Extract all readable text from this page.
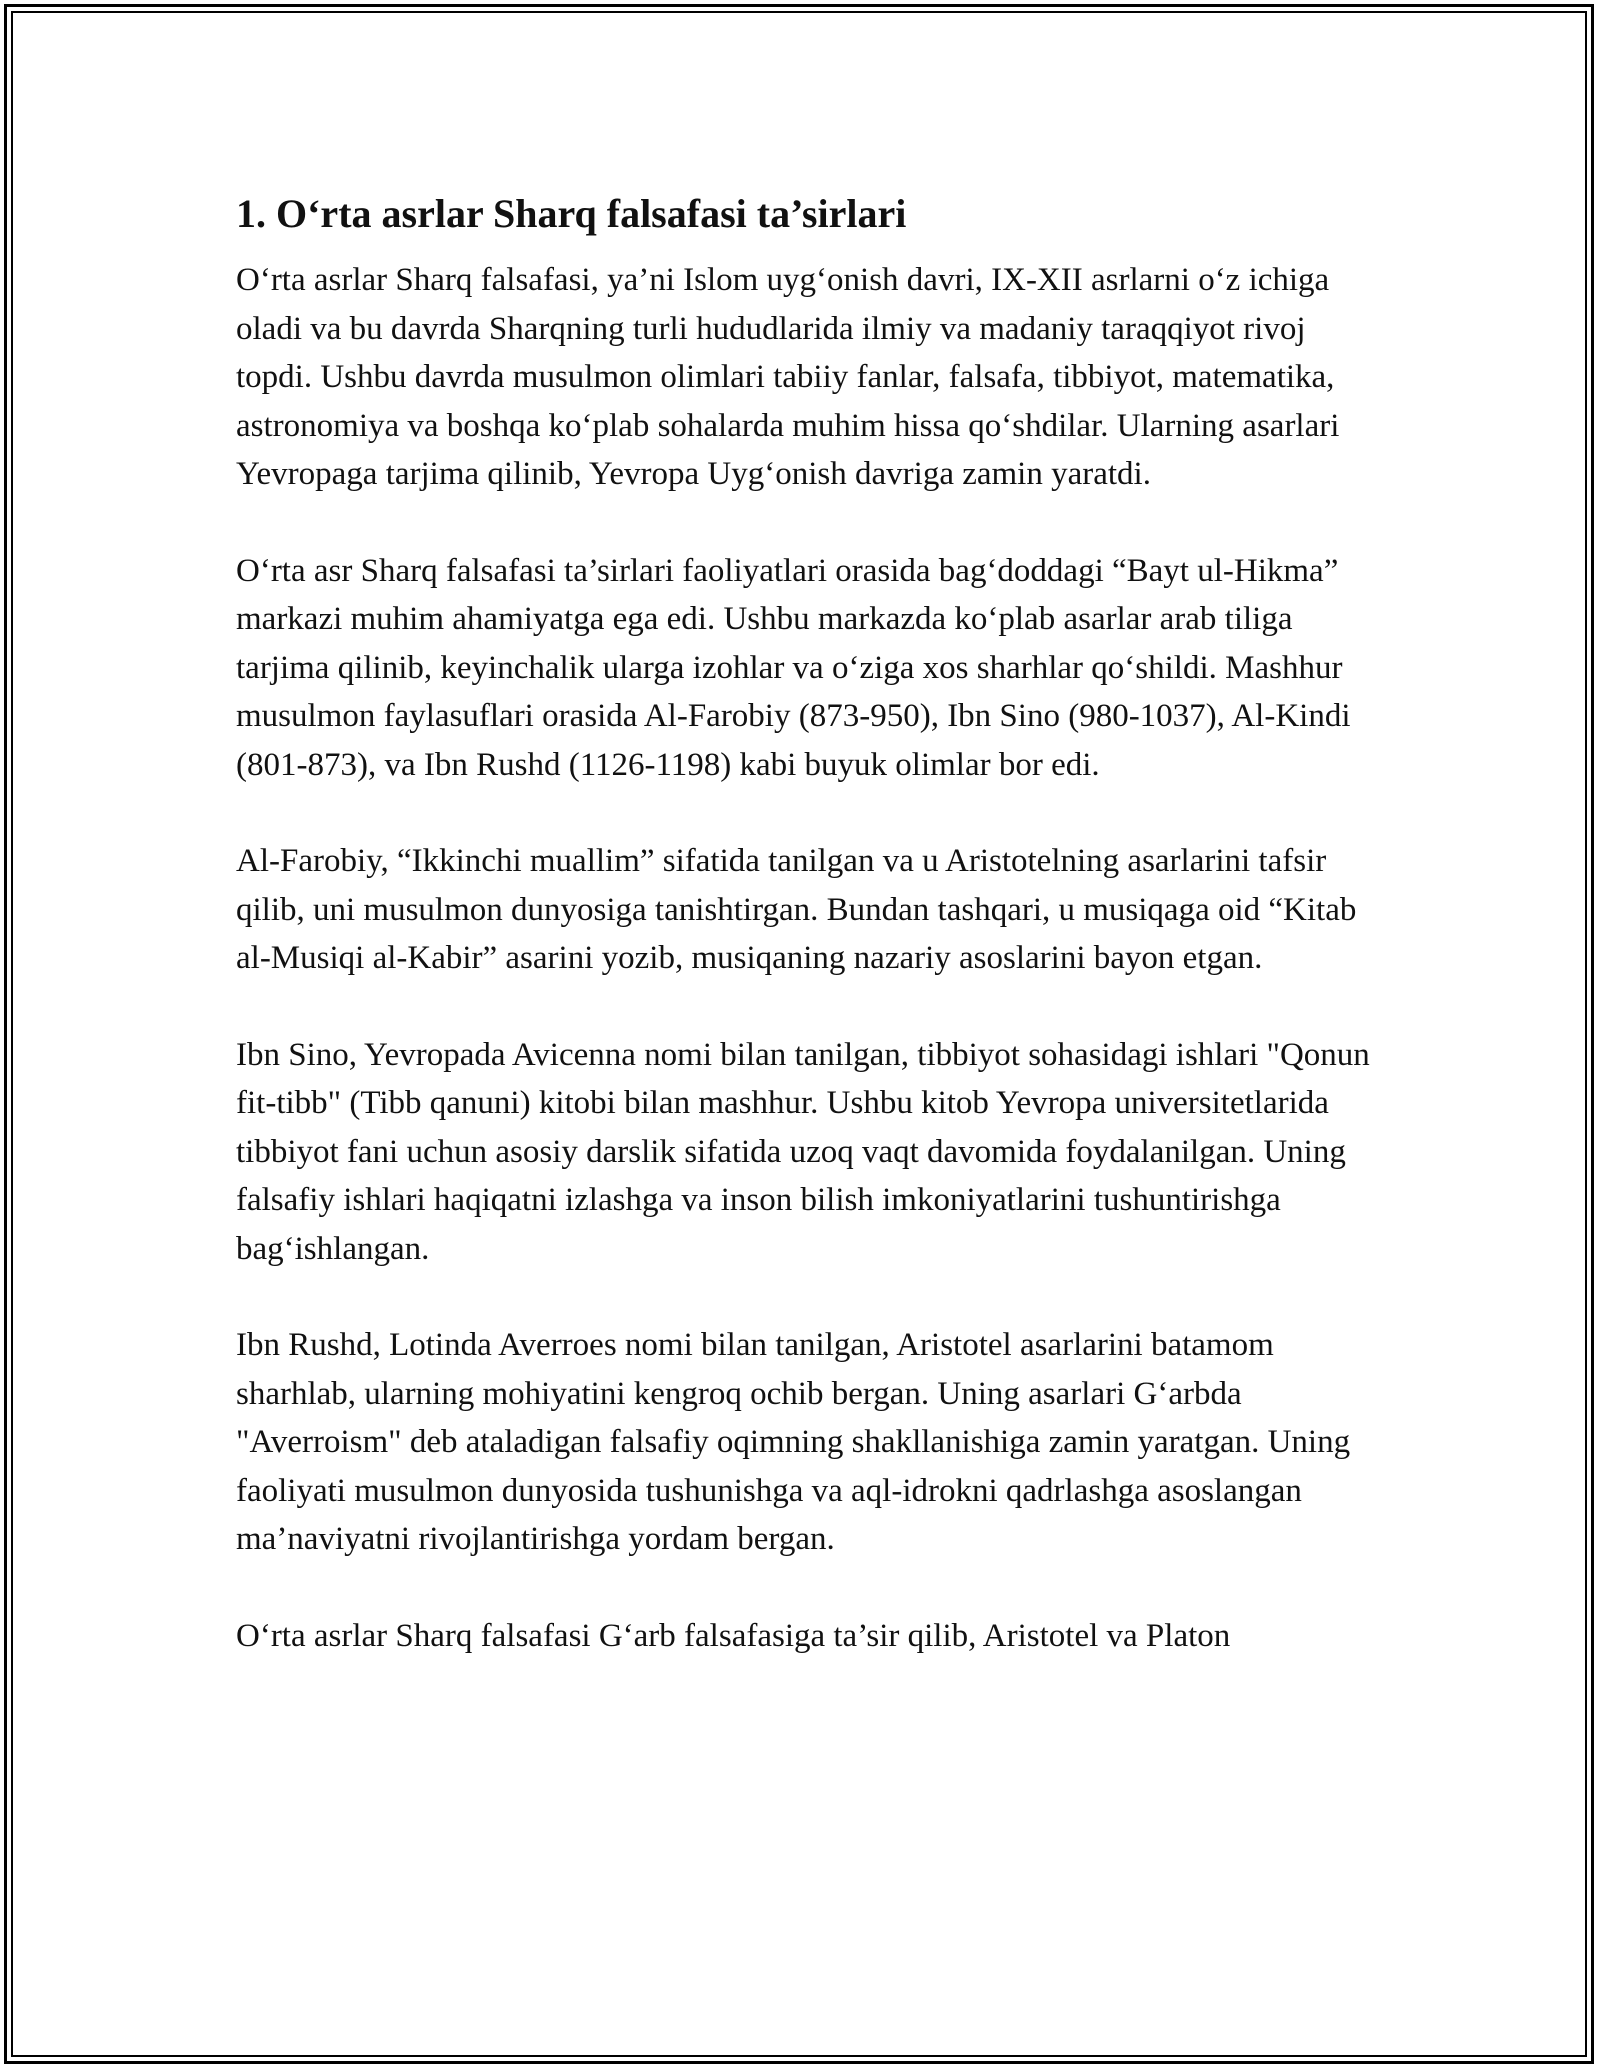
1. O‘rta asrlar Sharq falsafasi ta’sirlari

O‘rta asrlar Sharq falsafasi, ya’ni Islom uyg‘onish davri, IX-XII asrlarni o‘z ichiga oladi va bu davrda Sharqning turli hududlarida ilmiy va madaniy taraqqiyot rivoj topdi. Ushbu davrda musulmon olimlari tabiiy fanlar, falsafa, tibbiyot, matematika, astronomiya va boshqa ko‘plab sohalarda muhim hissa qo‘shdilar. Ularning asarlari Yevropaga tarjima qilinib, Yevropa Uyg‘onish davriga zamin yaratdi.

O‘rta asr Sharq falsafasi ta’sirlari faoliyatlari orasida bag‘doddagi “Bayt ul-Hikma” markazi muhim ahamiyatga ega edi. Ushbu markazda ko‘plab asarlar arab tiliga tarjima qilinib, keyinchalik ularga izohlar va o‘ziga xos sharhlar qo‘shildi. Mashhur musulmon faylasuflari orasida Al-Farobiy (873-950), Ibn Sino (980-1037), Al-Kindi (801-873), va Ibn Rushd (1126-1198) kabi buyuk olimlar bor edi.

Al-Farobiy, “Ikkinchi muallim” sifatida tanilgan va u Aristotelning asarlarini tafsir qilib, uni musulmon dunyosiga tanishtirgan. Bundan tashqari, u musiqaga oid “Kitab al-Musiqi al-Kabir” asarini yozib, musiqaning nazariy asoslarini bayon etgan.

Ibn Sino, Yevropada Avicenna nomi bilan tanilgan, tibbiyot sohasidagi ishlari "Qonun fit-tibb" (Tibb qanuni) kitobi bilan mashhur. Ushbu kitob Yevropa universitetlarida tibbiyot fani uchun asosiy darslik sifatida uzoq vaqt davomida foydalanilgan. Uning falsafiy ishlari haqiqatni izlashga va inson bilish imkoniyatlarini tushuntirishga bag‘ishlangan.

Ibn Rushd, Lotinda Averroes nomi bilan tanilgan, Aristotel asarlarini batamom sharhlab, ularning mohiyatini kengroq ochib bergan. Uning asarlari G‘arbda "Averroism" deb ataladigan falsafiy oqimning shakllanishiga zamin yaratgan. Uning faoliyati musulmon dunyosida tushunishga va aql-idrokni qadrlashga asoslangan ma’naviyatni rivojlantirishga yordam bergan.

O‘rta asrlar Sharq falsafasi G‘arb falsafasiga ta’sir qilib, Aristotel va Platon
